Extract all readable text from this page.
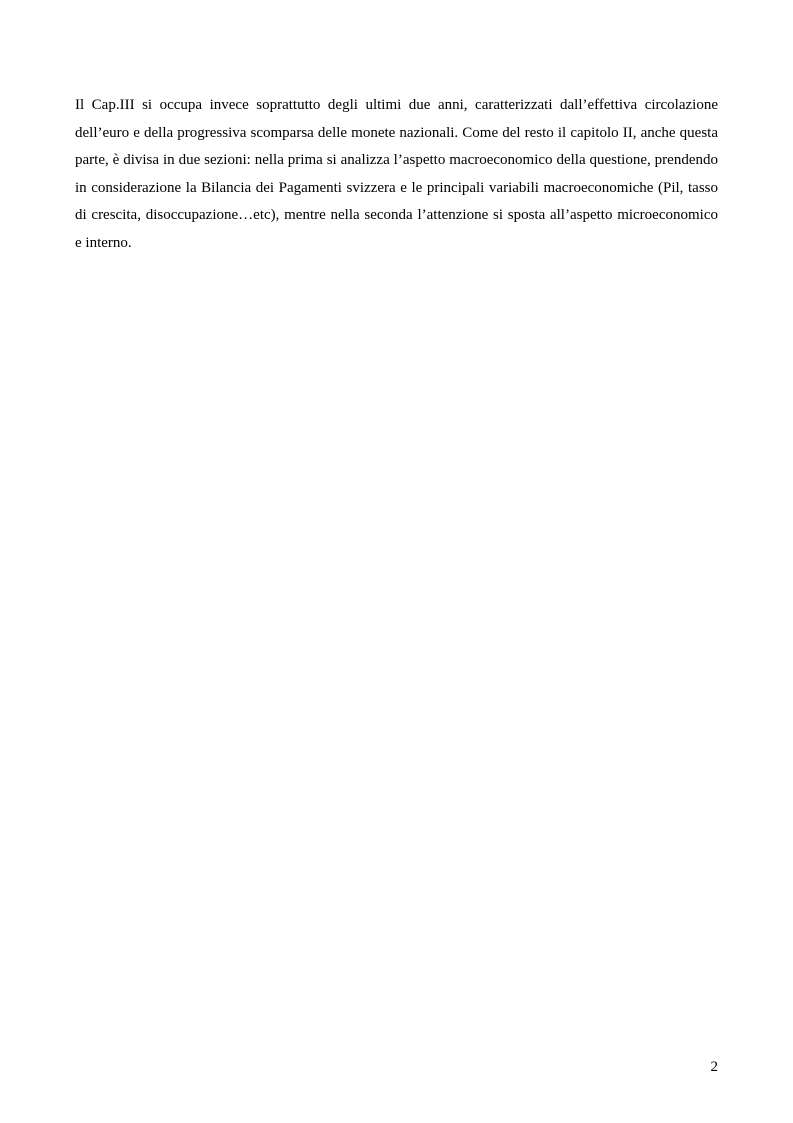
Il Cap.III si occupa invece soprattutto degli ultimi due anni, caratterizzati dall’effettiva circolazione dell’euro e della progressiva scomparsa delle monete nazionali. Come del resto il capitolo II, anche questa parte, è divisa in due sezioni: nella prima si analizza l’aspetto macroeconomico della questione, prendendo in considerazione la Bilancia dei Pagamenti svizzera e le principali variabili macroeconomiche (Pil, tasso di crescita, disoccupazione…etc), mentre nella seconda l’attenzione si sposta all’aspetto microeconomico e interno.

2
